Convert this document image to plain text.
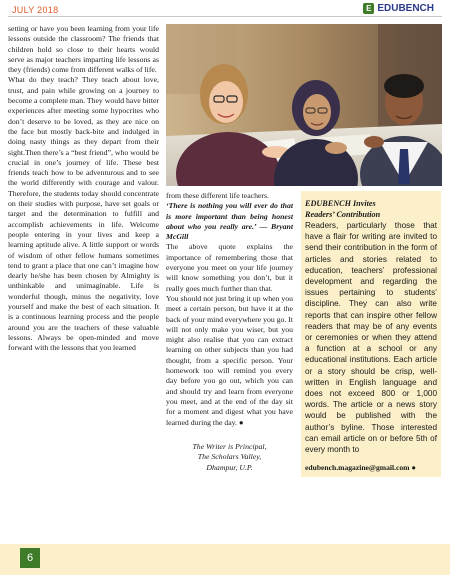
JULY 2018	E EDUBENCH

setting or have you been learning from your life lessons outside the classroom? The friends that children hold so close to their hearts would serve as major teachers imparting life lessons as they (friends) come from different walks of life.

What do they teach? They teach about love, trust, and pain while growing on a journey to become a complete man. They would have bitter experiences after meeting some hypocrites who don’t deserve to be loved, as they are nice on the face but mostly back-bite and indulged in doing nasty things as they depart from their sight.Then there’s a “best friend”, who would be crucial in one’s journey of life. These best friends teach how to be adventurous and to see the world differently with courage and valour. Therefore, the students today should concentrate on their studies with purpose, have set goals or target and the determination to fulfill and accomplish achievements in life. Welcome people entering in your lives and keep a learning aptitude alive. A little support or words of wisdom of other fellow humans sometimes tend to grant a place that one can’t imagine how dearly he/she has been chosen by Almighty is unthinkable and unimaginable. Life is wonderful though, minus the negativity, love yourself and make the best of each situation. It is a continuous learning process and the people around you are the teachers of these valuable lessons. Always be open-minded and move forward with the lessons that you learned

from these different life teachers.

‘There is nothing you will ever do that is more important than being honest about who you really are.’ — Bryant McGill

The above quote explains the importance of remembering those that everyone you meet on your life journey will know something you don’t, but it really goes much further than that.

You should not just bring it up when you meet a certain person, but have it at the back of your mind everywhere you go. It will not only make you wiser, but you might also realise that you can extract learning on other subjects than you had thought, from a specific person. Your homework too will remind you every day before you go out, which you can and should try and learn from everyone you meet, and at the end of the day sit for a moment and digest what you have learned during the day. ●

The Writer is Principal,
The Scholars Valley,
Dhampur, U.P.

EDUBENCH Invites
Readers’ Contribution

Readers, particularly those that have a flair for writing are invited to send their contribution in the form of articles and stories related to education, teachers’ professional development and regarding the issues pertaining to students’ discipline. They can also write reports that can inspire other fellow readers that may be of any events or ceremonies or when they attend a function at a school or any educational institutions. Each article or a story should be crisp, well-written in English language and does not exceed 800 or 1,000 words. The article or a news story would be published with the author’s byline. Those interested can email article on or before 5th of every month to

edubench.magazine@gmail.com ●
6
